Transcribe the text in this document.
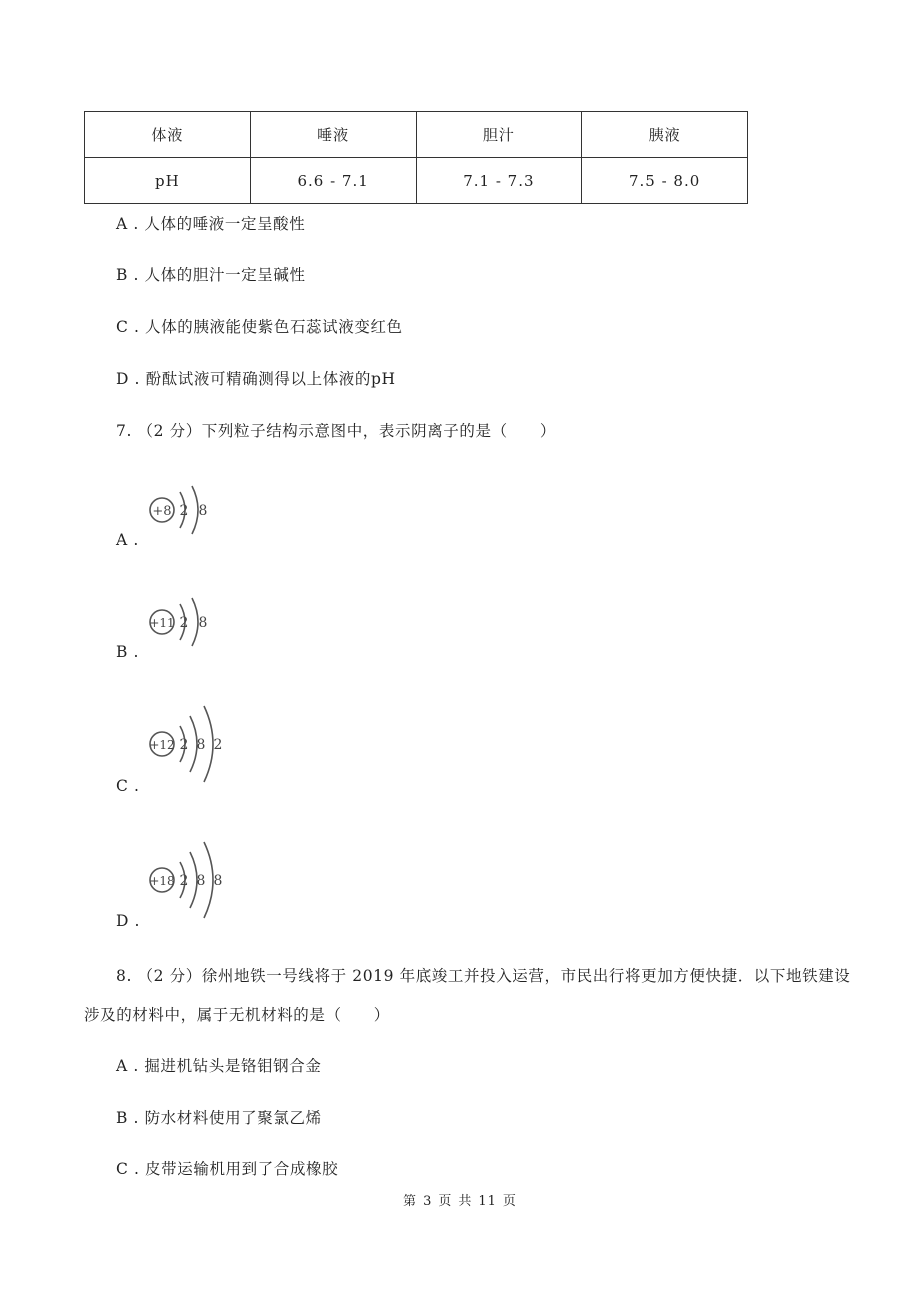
体液	唾液	胆汁	胰液
pH	6.6 - 7.1	7.1 - 7.3	7.5 - 8.0
A . 人体的唾液一定呈酸性
B . 人体的胆汁一定呈碱性
C . 人体的胰液能使紫色石蕊试液变红色
D . 酚酞试液可精确测得以上体液的pH
7. （2 分）下列粒子结构示意图中，表示阴离子的是（　　）
+8 2 8
A .
+11 2 8
B .
+12 2 8 2
C .
+18 2 8 8
D .
8. （2 分）徐州地铁一号线将于 2019 年底竣工并投入运营，市民出行将更加方便快捷．以下地铁建设
涉及的材料中，属于无机材料的是（　　）
A . 掘进机钻头是铬钼钢合金
B . 防水材料使用了聚氯乙烯
C . 皮带运输机用到了合成橡胶
第 3 页 共 11 页
